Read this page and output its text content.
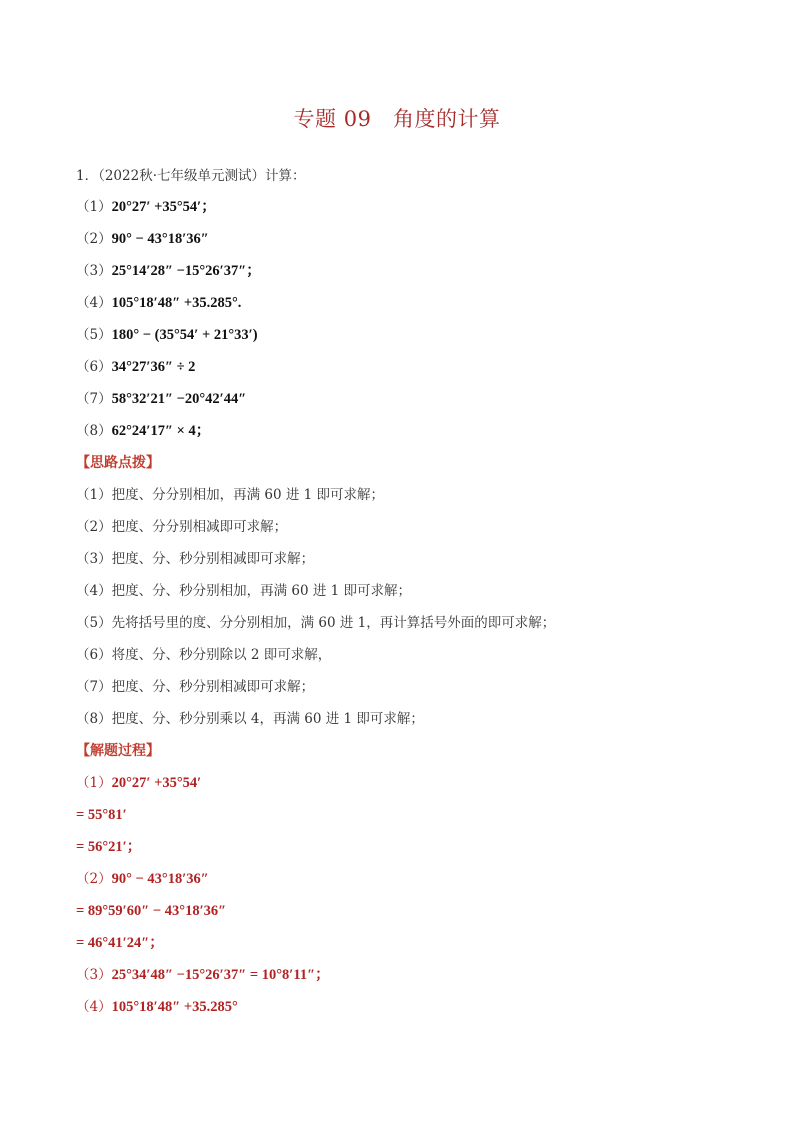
专题 09　角度的计算
1．（2022秋·七年级单元测试）计算：
（1）20°27′ +35°54′；
（2）90° − 43°18′36″
（3）25°14′28″ −15°26′37″；
（4）105°18′48″ +35.285°.
（5）180° − (35°54′ + 21°33′)
（6）34°27′36″ ÷ 2
（7）58°32′21″ −20°42′44″
（8）62°24′17″ × 4；
【思路点拨】
（1）把度、分分别相加，再满 60 进 1 即可求解；
（2）把度、分分别相减即可求解；
（3）把度、分、秒分别相减即可求解；
（4）把度、分、秒分别相加，再满 60 进 1 即可求解；
（5）先将括号里的度、分分别相加，满 60 进 1，再计算括号外面的即可求解；
（6）将度、分、秒分别除以 2 即可求解，
（7）把度、分、秒分别相减即可求解；
（8）把度、分、秒分别乘以 4，再满 60 进 1 即可求解；
【解题过程】
（1）20°27′ +35°54′
= 55°81′
= 56°21′；
（2）90° − 43°18′36″
= 89°59′60″ − 43°18′36″
= 46°41′24″；
（3）25°34′48″ −15°26′37″ = 10°8′11″；
（4）105°18′48″ +35.285°
